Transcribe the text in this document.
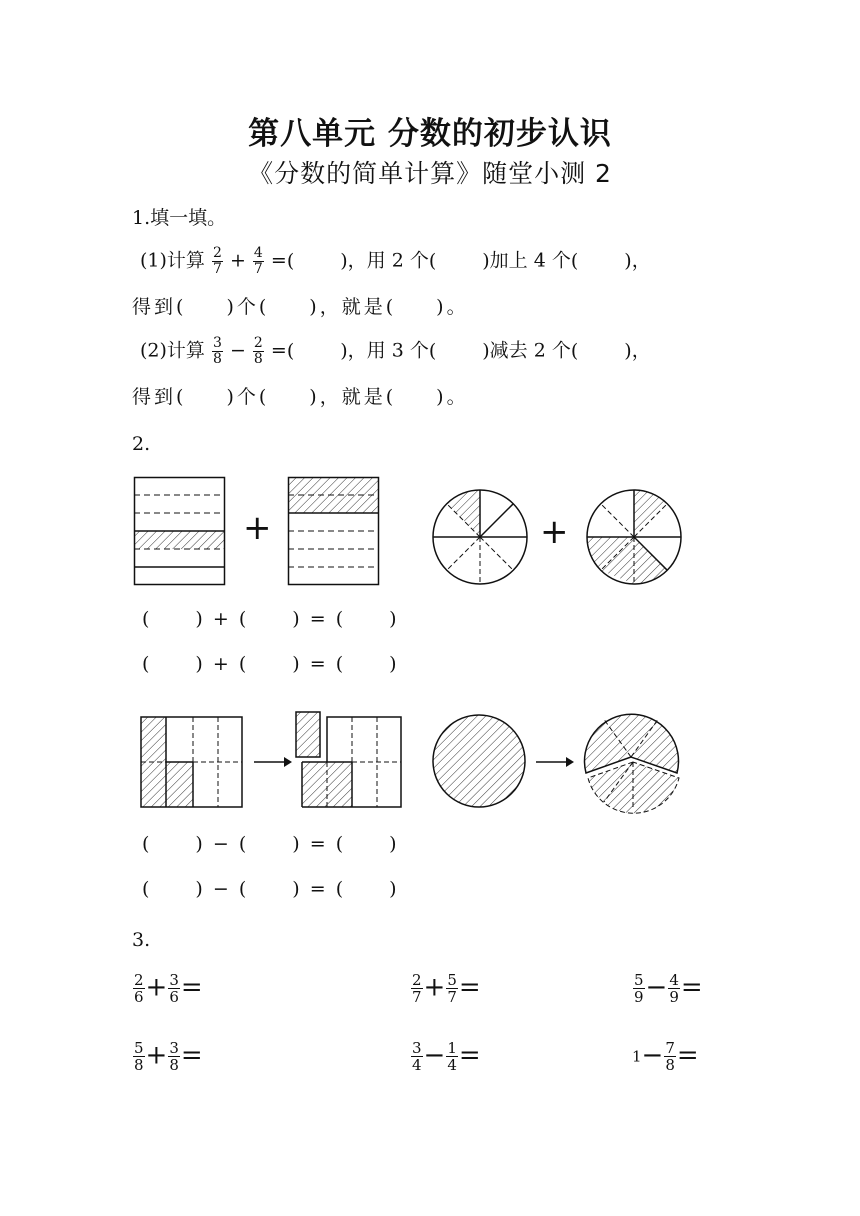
第八单元 分数的初步认识
《分数的简单计算》随堂小测 2
1.填一填。
(1)计算 $\frac{2}{7} + \frac{4}{7}$ =( )，用 2 个( )加上 4 个( )，
得到( )个( )，就是( )。
(2)计算 $\frac{3}{8} - \frac{2}{8}$ =( )，用 3 个( )减去 2 个( )，
得到( )个( )，就是( )。
2.
+	+
( ) + ( ) = ( )
( ) + ( ) = ( )
( ) − ( ) = ( )
( ) − ( ) = ( )
3.
$\frac{2}{6} + \frac{3}{6}$ =	$\frac{2}{7} + \frac{5}{7}$ =	$\frac{5}{9} - \frac{4}{9}$ =
$\frac{5}{8} + \frac{3}{8}$ =	$\frac{3}{4} - \frac{1}{4}$ =	$1- \frac{7}{8}$ =
